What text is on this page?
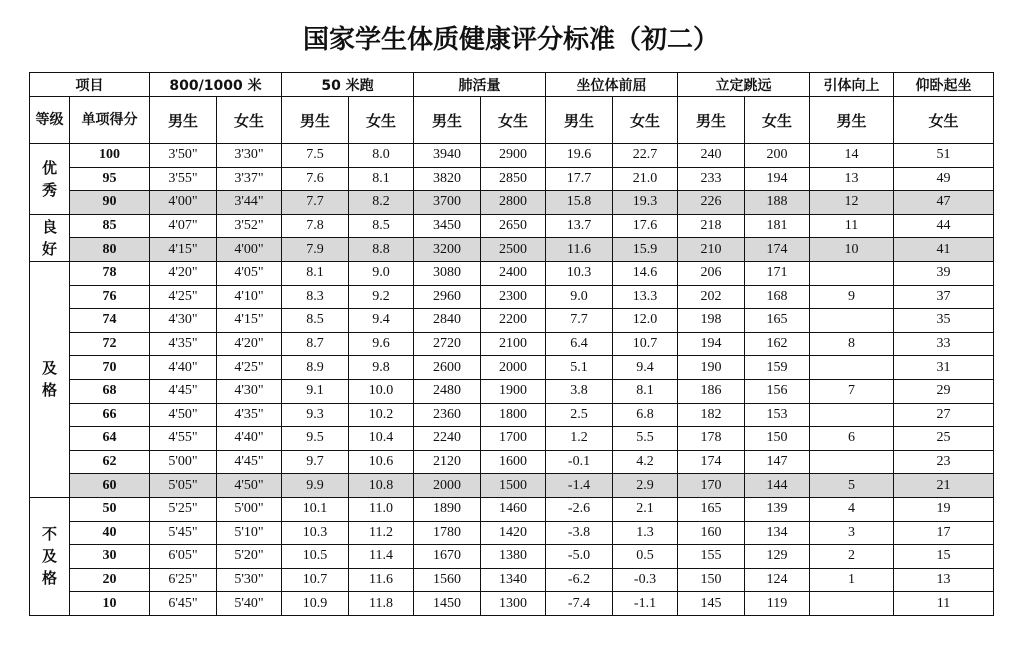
国家学生体质健康评分标准（初二）
项目		800/1000 米		50 米跑		肺活量		坐位体前屈		立定跳远		引体向上	仰卧起坐
等级	单项得分	男生	女生	男生	女生	男生	女生	男生	女生	男生	女生	男生	女生

优
秀	100	3'50"	3'30"	7.5	8.0	3940	2900	19.6	22.7	240	200	14	51
	95	3'55"	3'37"	7.6	8.1	3820	2850	17.7	21.0	233	194	13	49
	90	4'00"	3'44"	7.7	8.2	3700	2800	15.8	19.3	226	188	12	47

良
好	85	4'07"	3'52"	7.8	8.5	3450	2650	13.7	17.6	218	181	11	44
	80	4'15"	4'00"	7.9	8.8	3200	2500	11.6	15.9	210	174	10	41

及
格	78	4'20"	4'05"	8.1	9.0	3080	2400	10.3	14.6	206	171		39
	76	4'25"	4'10"	8.3	9.2	2960	2300	9.0	13.3	202	168	9	37
	74	4'30"	4'15"	8.5	9.4	2840	2200	7.7	12.0	198	165		35
	72	4'35"	4'20"	8.7	9.6	2720	2100	6.4	10.7	194	162	8	33
	70	4'40"	4'25"	8.9	9.8	2600	2000	5.1	9.4	190	159		31
	68	4'45"	4'30"	9.1	10.0	2480	1900	3.8	8.1	186	156	7	29
	66	4'50"	4'35"	9.3	10.2	2360	1800	2.5	6.8	182	153		27
	64	4'55"	4'40"	9.5	10.4	2240	1700	1.2	5.5	178	150	6	25
	62	5'00"	4'45"	9.7	10.6	2120	1600	-0.1	4.2	174	147		23
	60	5'05"	4'50"	9.9	10.8	2000	1500	-1.4	2.9	170	144	5	21

不
及
格	50	5'25"	5'00"	10.1	11.0	1890	1460	-2.6	2.1	165	139	4	19
	40	5'45"	5'10"	10.3	11.2	1780	1420	-3.8	1.3	160	134	3	17
	30	6'05"	5'20"	10.5	11.4	1670	1380	-5.0	0.5	155	129	2	15
	20	6'25"	5'30"	10.7	11.6	1560	1340	-6.2	-0.3	150	124	1	13
	10	6'45"	5'40"	10.9	11.8	1450	1300	-7.4	-1.1	145	119		11
